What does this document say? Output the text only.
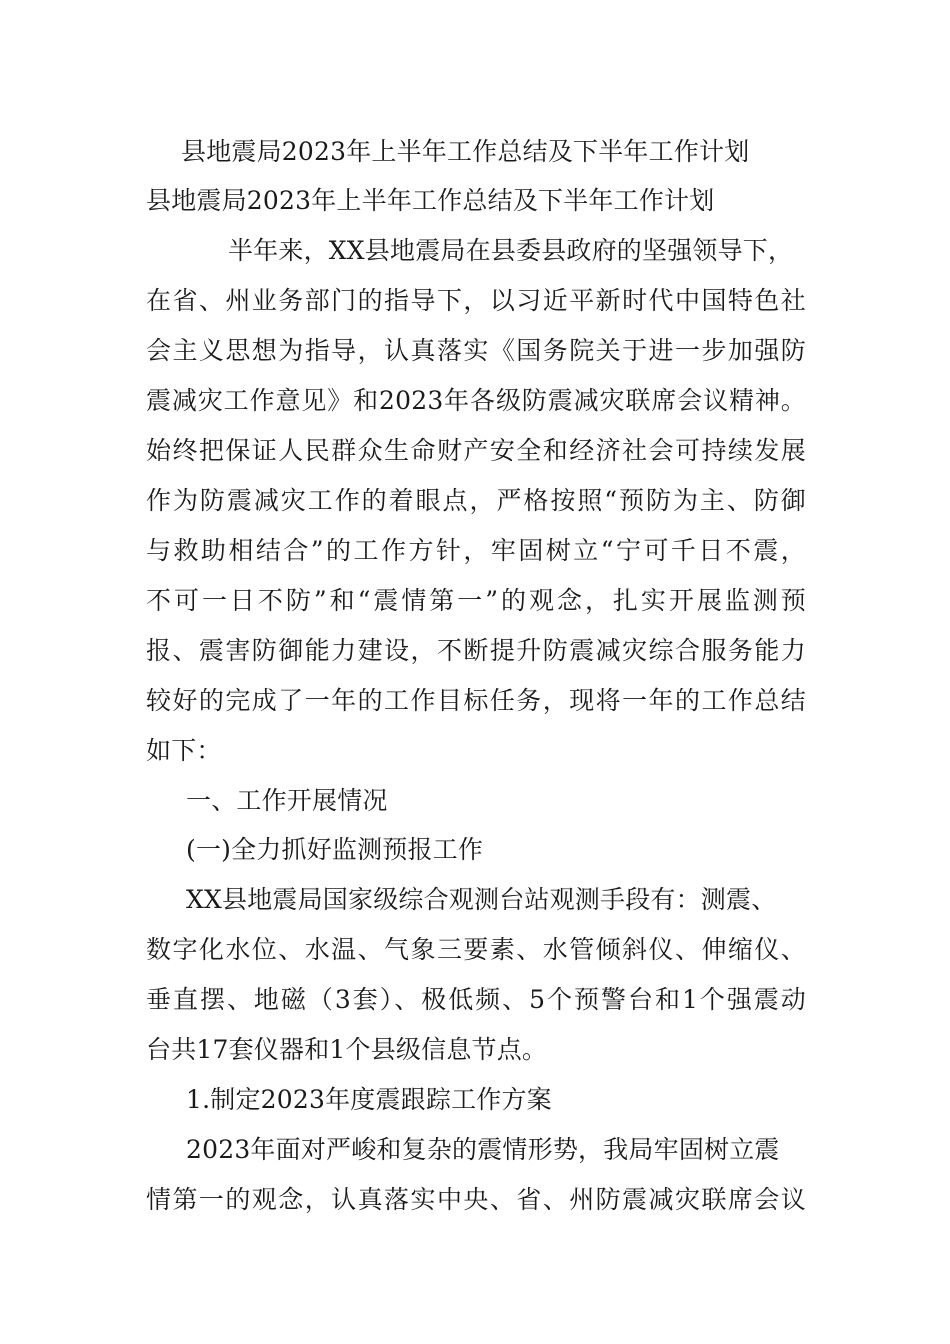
县地震局2023年上半年工作总结及下半年工作计划
县地震局2023年上半年工作总结及下半年工作计划
半年来，XX县地震局在县委县政府的坚强领导下，
在省、州业务部门的指导下，以习近平新时代中国特色社
会主义思想为指导，认真落实《国务院关于进一步加强防
震减灾工作意见》和2023年各级防震减灾联席会议精神。
始终把保证人民群众生命财产安全和经济社会可持续发展
作为防震减灾工作的着眼点，严格按照“预防为主、防御
与救助相结合”的工作方针，牢固树立“宁可千日不震，
不可一日不防”和“震情第一”的观念，扎实开展监测预
报、震害防御能力建设，不断提升防震减灾综合服务能力
较好的完成了一年的工作目标任务，现将一年的工作总结
如下：
一、工作开展情况
(一)全力抓好监测预报工作
XX县地震局国家级综合观测台站观测手段有：测震、
数字化水位、水温、气象三要素、水管倾斜仪、伸缩仪、
垂直摆、地磁（3套）、极低频、5个预警台和1个强震动
台共17套仪器和1个县级信息节点。
1.制定2023年度震跟踪工作方案
2023年面对严峻和复杂的震情形势，我局牢固树立震
情第一的观念，认真落实中央、省、州防震减灾联席会议
